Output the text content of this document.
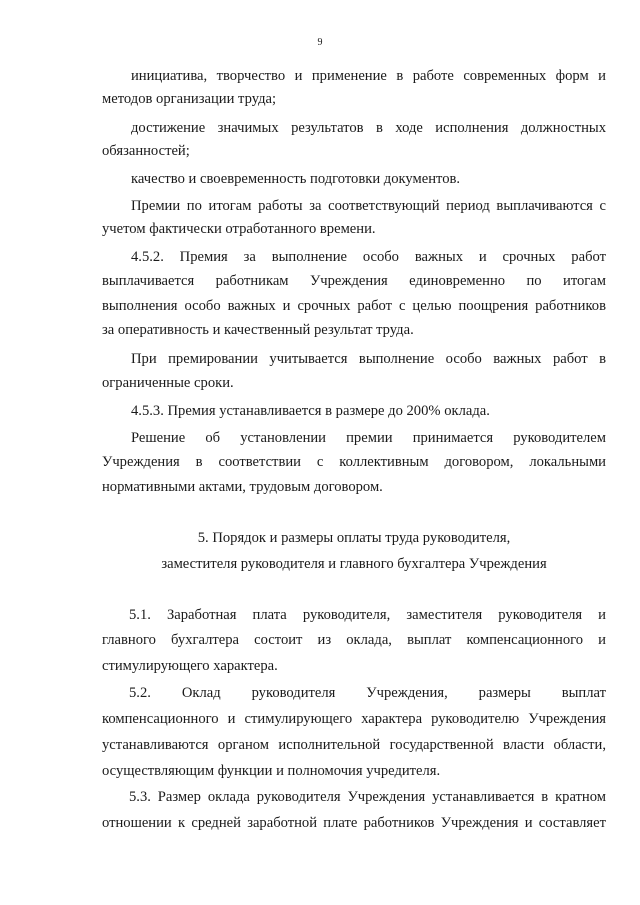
9
инициатива, творчество и применение в работе современных форм и
методов организации труда;
достижение значимых результатов в ходе исполнения должностных
обязанностей;
качество и своевременность подготовки документов.
Премии по итогам работы за соответствующий период выплачиваются с
учетом фактически отработанного времени.
4.5.2. Премия за выполнение особо важных и срочных работ
выплачивается работникам Учреждения единовременно по итогам
выполнения особо важных и срочных работ с целью поощрения работников
за оперативность и качественный результат труда.
При премировании учитывается выполнение особо важных работ в
ограниченные сроки.
4.5.3. Премия устанавливается в размере до 200% оклада.
Решение об установлении премии принимается руководителем
Учреждения в соответствии с коллективным договором, локальными
нормативными актами, трудовым договором.
5. Порядок и размеры оплаты труда руководителя,
заместителя руководителя и главного бухгалтера Учреждения
5.1. Заработная плата руководителя, заместителя руководителя и
главного бухгалтера состоит из оклада, выплат компенсационного и
стимулирующего характера.
5.2. Оклад руководителя Учреждения, размеры выплат
компенсационного и стимулирующего характера руководителю Учреждения
устанавливаются органом исполнительной государственной власти области,
осуществляющим функции и полномочия учредителя.
5.3. Размер оклада руководителя Учреждения устанавливается в кратном
отношении к средней заработной плате работников Учреждения и составляет
